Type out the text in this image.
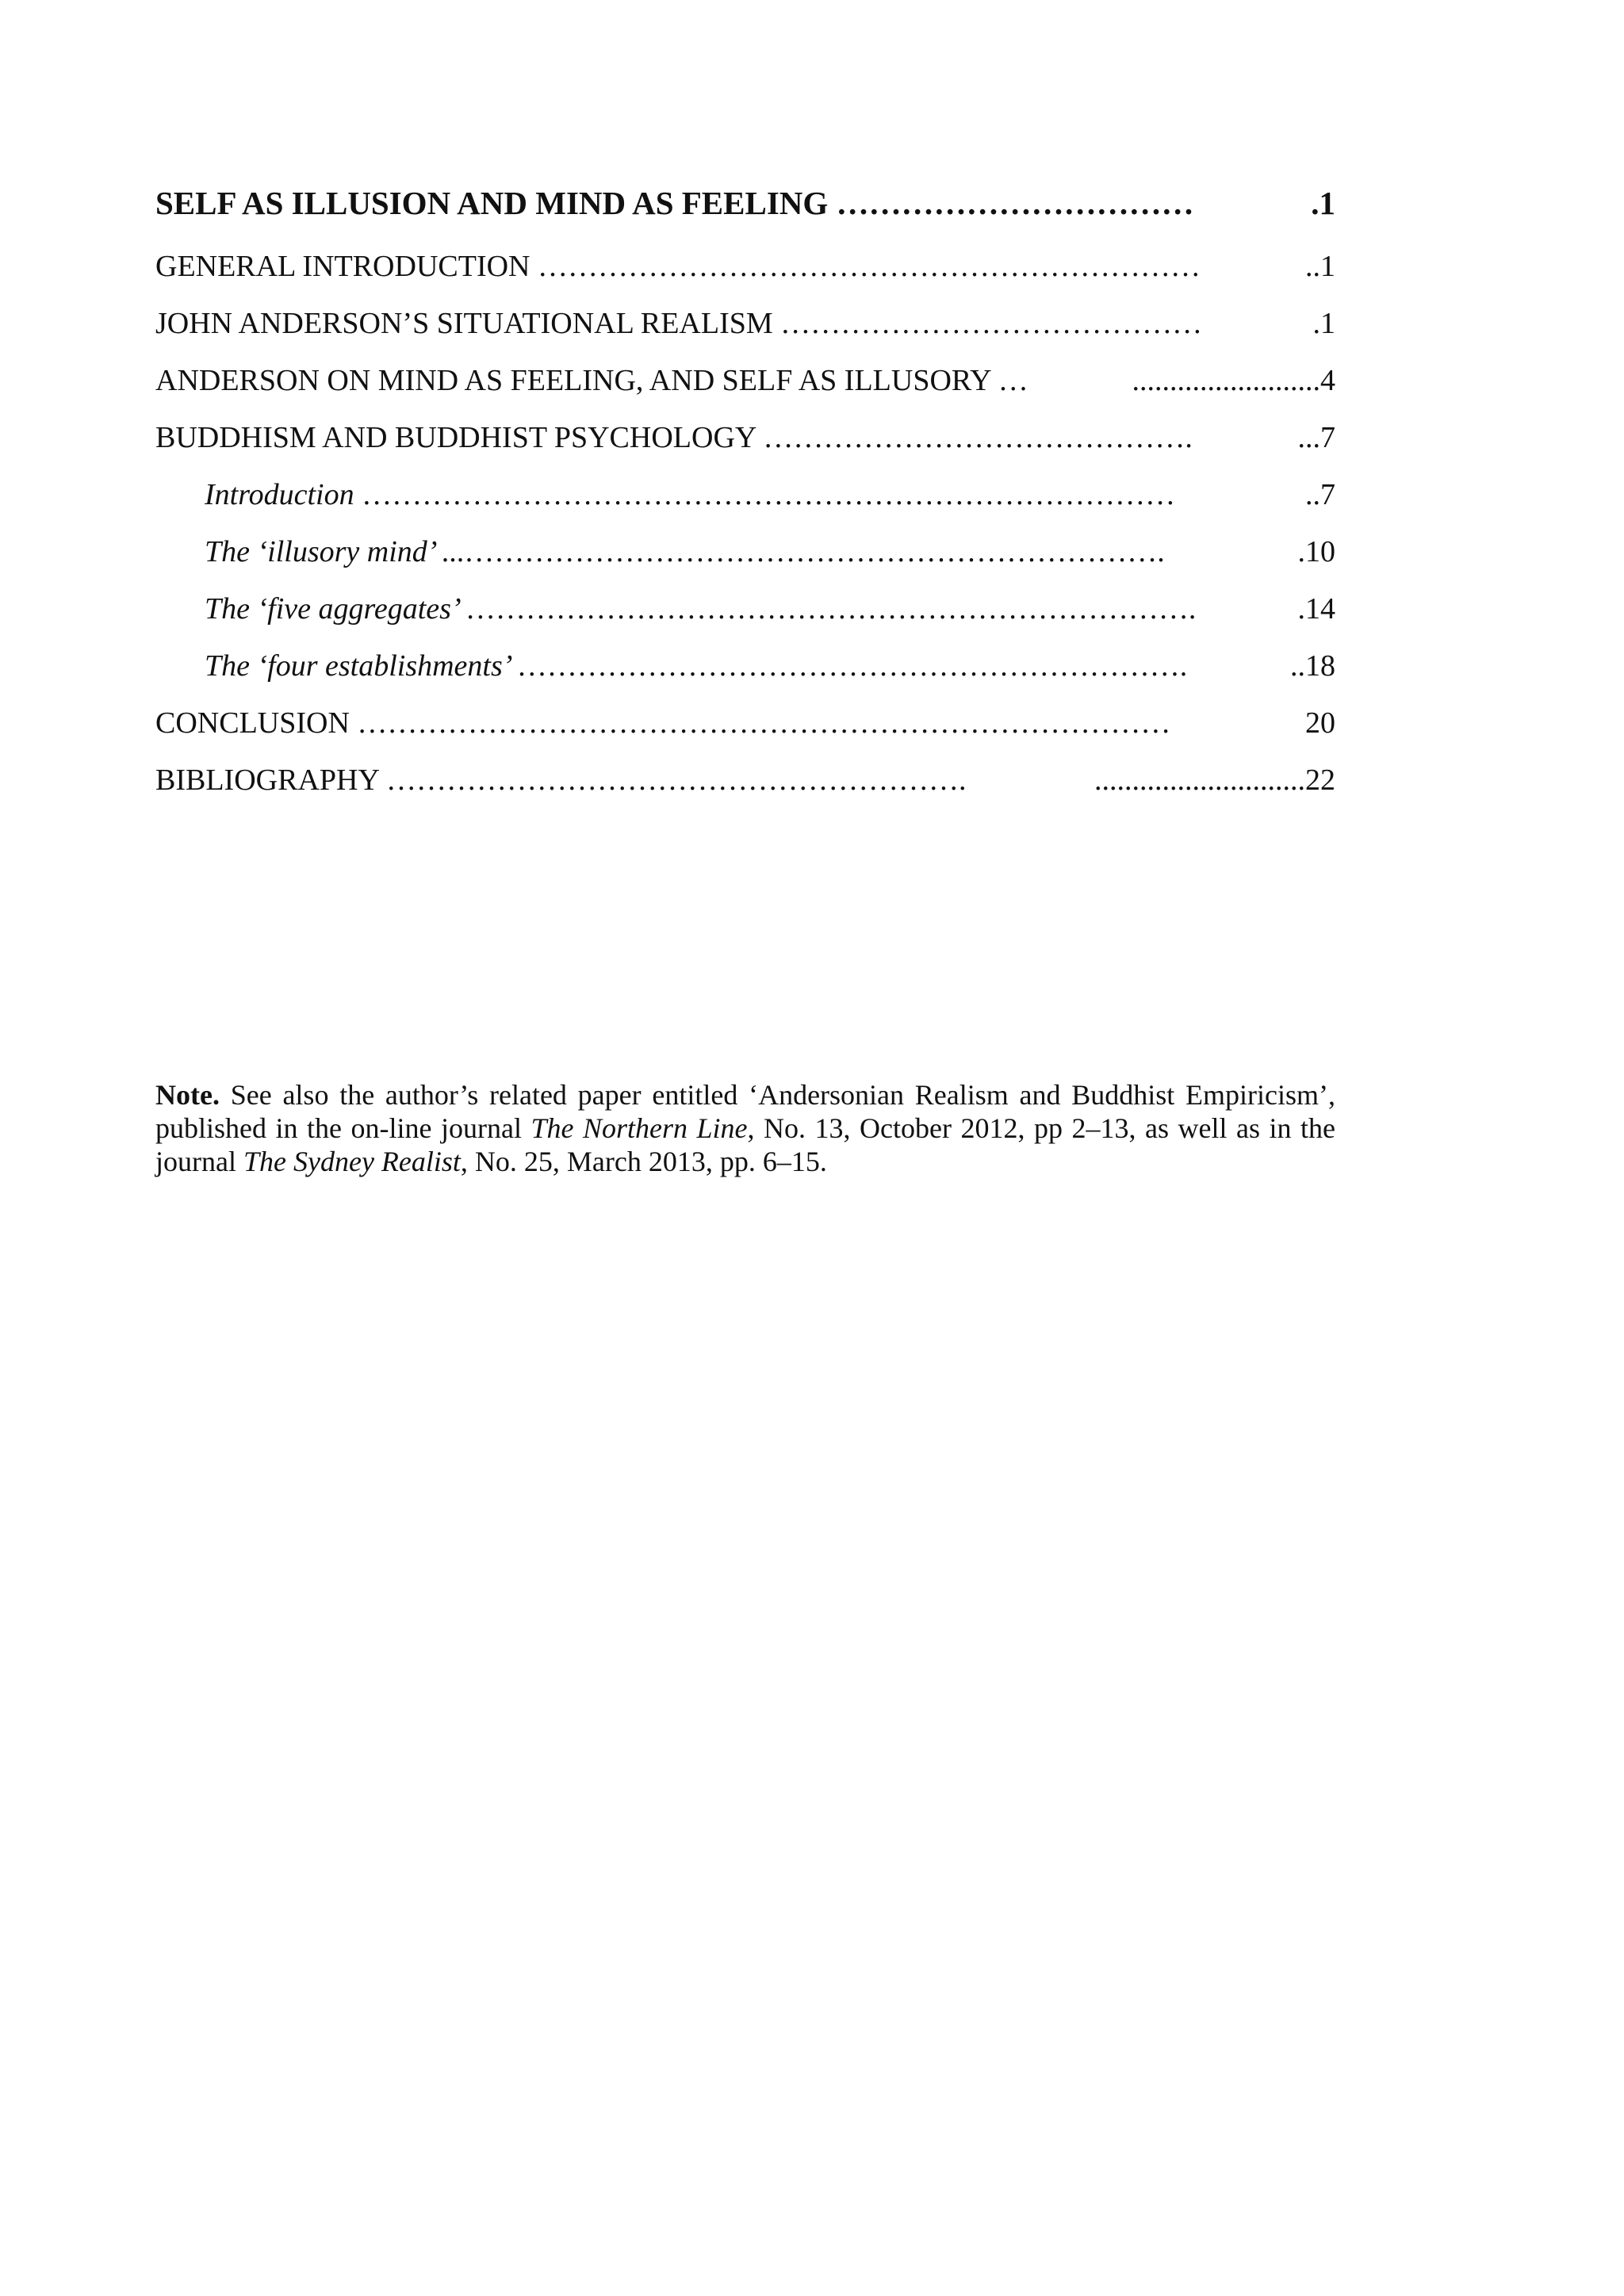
SELF AS ILLUSION AND MIND AS FEELING ……………………………	.1
GENERAL INTRODUCTION …………………………………………………………	..1
JOHN ANDERSON’S SITUATIONAL REALISM ……………………………………	.1
ANDERSON ON MIND AS FEELING, AND SELF AS ILLUSORY …	.........................4
BUDDHISM AND BUDDHIST PSYCHOLOGY …………………………………….	...7
Introduction ………………………………………………………………………	..7
The ‘illusory mind’ ...…………………………………………………………….	.10
The ‘five aggregates’ ……………………………………………………………….	.14
The ‘four establishments’ ………………………………………………………….	..18
CONCLUSION ………………………………………………………………………	20
BIBLIOGRAPHY ………………………………………………….	............................22

Note. See also the author’s related paper entitled ‘Andersonian Realism and Buddhist Empiricism’, published in the on-line journal The Northern Line, No. 13, October 2012, pp 2–13, as well as in the journal The Sydney Realist, No. 25, March 2013, pp. 6–15.
